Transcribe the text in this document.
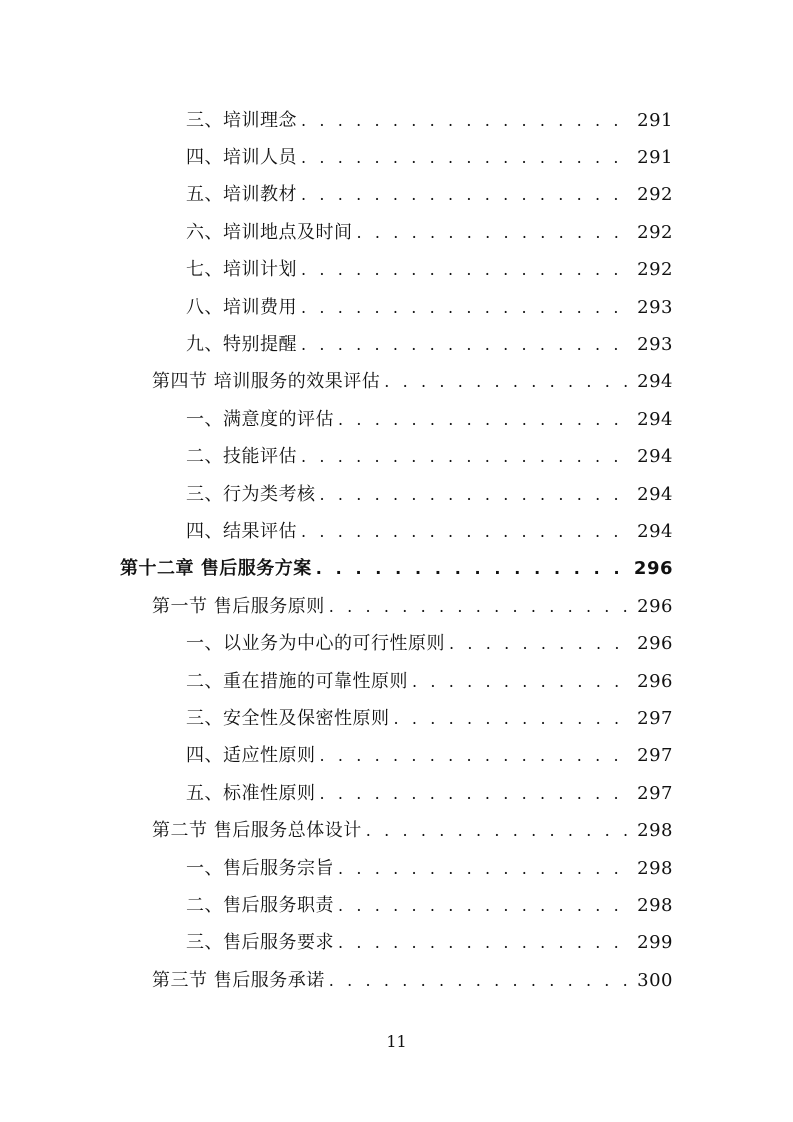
三、培训理念 . . .	291
四、培训人员 . . .	291
五、培训教材 . . .	292
六、培训地点及时间 . . .	292
七、培训计划 . . .	292
八、培训费用 . . .	293
九、特别提醒 . . .	293
第四节 培训服务的效果评估 . . .	294
一、满意度的评估 . . .	294
二、技能评估 . . .	294
三、行为类考核 . . .	294
四、结果评估 . . .	294
第十二章 售后服务方案 . . .	296
第一节 售后服务原则 . . .	296
一、以业务为中心的可行性原则 . . .	296
二、重在措施的可靠性原则 . . .	296
三、安全性及保密性原则 . . .	297
四、适应性原则 . . .	297
五、标准性原则 . . .	297
第二节 售后服务总体设计 . . .	298
一、售后服务宗旨 . . .	298
二、售后服务职责 . . .	298
三、售后服务要求 . . .	299
第三节 售后服务承诺 . . .	300
11
